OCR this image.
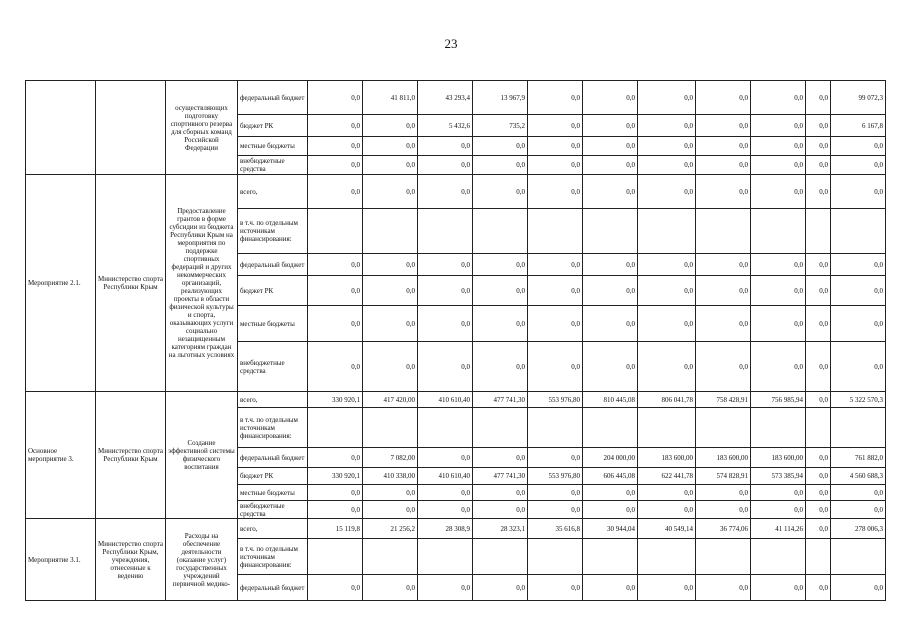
23
		осуществляющих подготовку спортивного резерва для сборных команд Российской Федерации	федеральный бюджет	0,0	41 811,0	43 293,4	13 967,9	0,0	0,0	0,0	0,0	0,0	0,0	99 072,3
			бюджет РК	0,0	0,0	5 432,6	735,2	0,0	0,0	0,0	0,0	0,0	0,0	6 167,8
			местные бюджеты	0,0	0,0	0,0	0,0	0,0	0,0	0,0	0,0	0,0	0,0	0,0
			внебюджетные средства	0,0	0,0	0,0	0,0	0,0	0,0	0,0	0,0	0,0	0,0	0,0
Мероприятие 2.1.	Министерство спорта Республики Крым	Предоставление грантов в форме субсидии из бюджета Республики Крым на мероприятия по поддержке спортивных федераций и других некоммерческих организаций, реализующих проекты в области физической культуры и спорта, оказывающих услуги социально незащищенным категориям граждан на льготных условиях	всего,	0,0	0,0	0,0	0,0	0,0	0,0	0,0	0,0	0,0	0,0	0,0
			в т.ч. по отдельным источникам финансирования:											
			федеральный бюджет	0,0	0,0	0,0	0,0	0,0	0,0	0,0	0,0	0,0	0,0	0,0
			бюджет РК	0,0	0,0	0,0	0,0	0,0	0,0	0,0	0,0	0,0	0,0	0,0
			местные бюджеты	0,0	0,0	0,0	0,0	0,0	0,0	0,0	0,0	0,0	0,0	0,0
			внебюджетные средства	0,0	0,0	0,0	0,0	0,0	0,0	0,0	0,0	0,0	0,0	0,0
Основное мероприятие 3.	Министерство спорта Республики Крым	Создание эффективной системы физического воспитания	всего,	330 920,1	417 420,00	410 610,40	477 741,30	553 976,80	810 445,08	806 041,78	758 428,91	756 985,94	0,0	5 322 570,3
			в т.ч. по отдельным источникам финансирования:											
			федеральный бюджет	0,0	7 082,00	0,0	0,0	0,0	204 000,00	183 600,00	183 600,00	183 600,00	0,0	761 882,0
			бюджет РК	330 920,1	410 338,00	410 610,40	477 741,30	553 976,80	606 445,08	622 441,78	574 828,91	573 385,94	0,0	4 560 688,3
			местные бюджеты	0,0	0,0	0,0	0,0	0,0	0,0	0,0	0,0	0,0	0,0	0,0
			внебюджетные средства	0,0	0,0	0,0	0,0	0,0	0,0	0,0	0,0	0,0	0,0	0,0
Мероприятие 3.1.	Министерство спорта Республики Крым, учреждения, отнесенные к ведению	Расходы на обеспечение деятельности (оказание услуг) государственных учреждений первичной медико-	всего,	15 119,8	21 256,2	28 308,9	28 323,1	35 616,8	30 944,04	40 549,14	36 774,06	41 114,26	0,0	278 006,3
			в т.ч. по отдельным источникам финансирования:											
			федеральный бюджет	0,0	0,0	0,0	0,0	0,0	0,0	0,0	0,0	0,0	0,0	0,0
